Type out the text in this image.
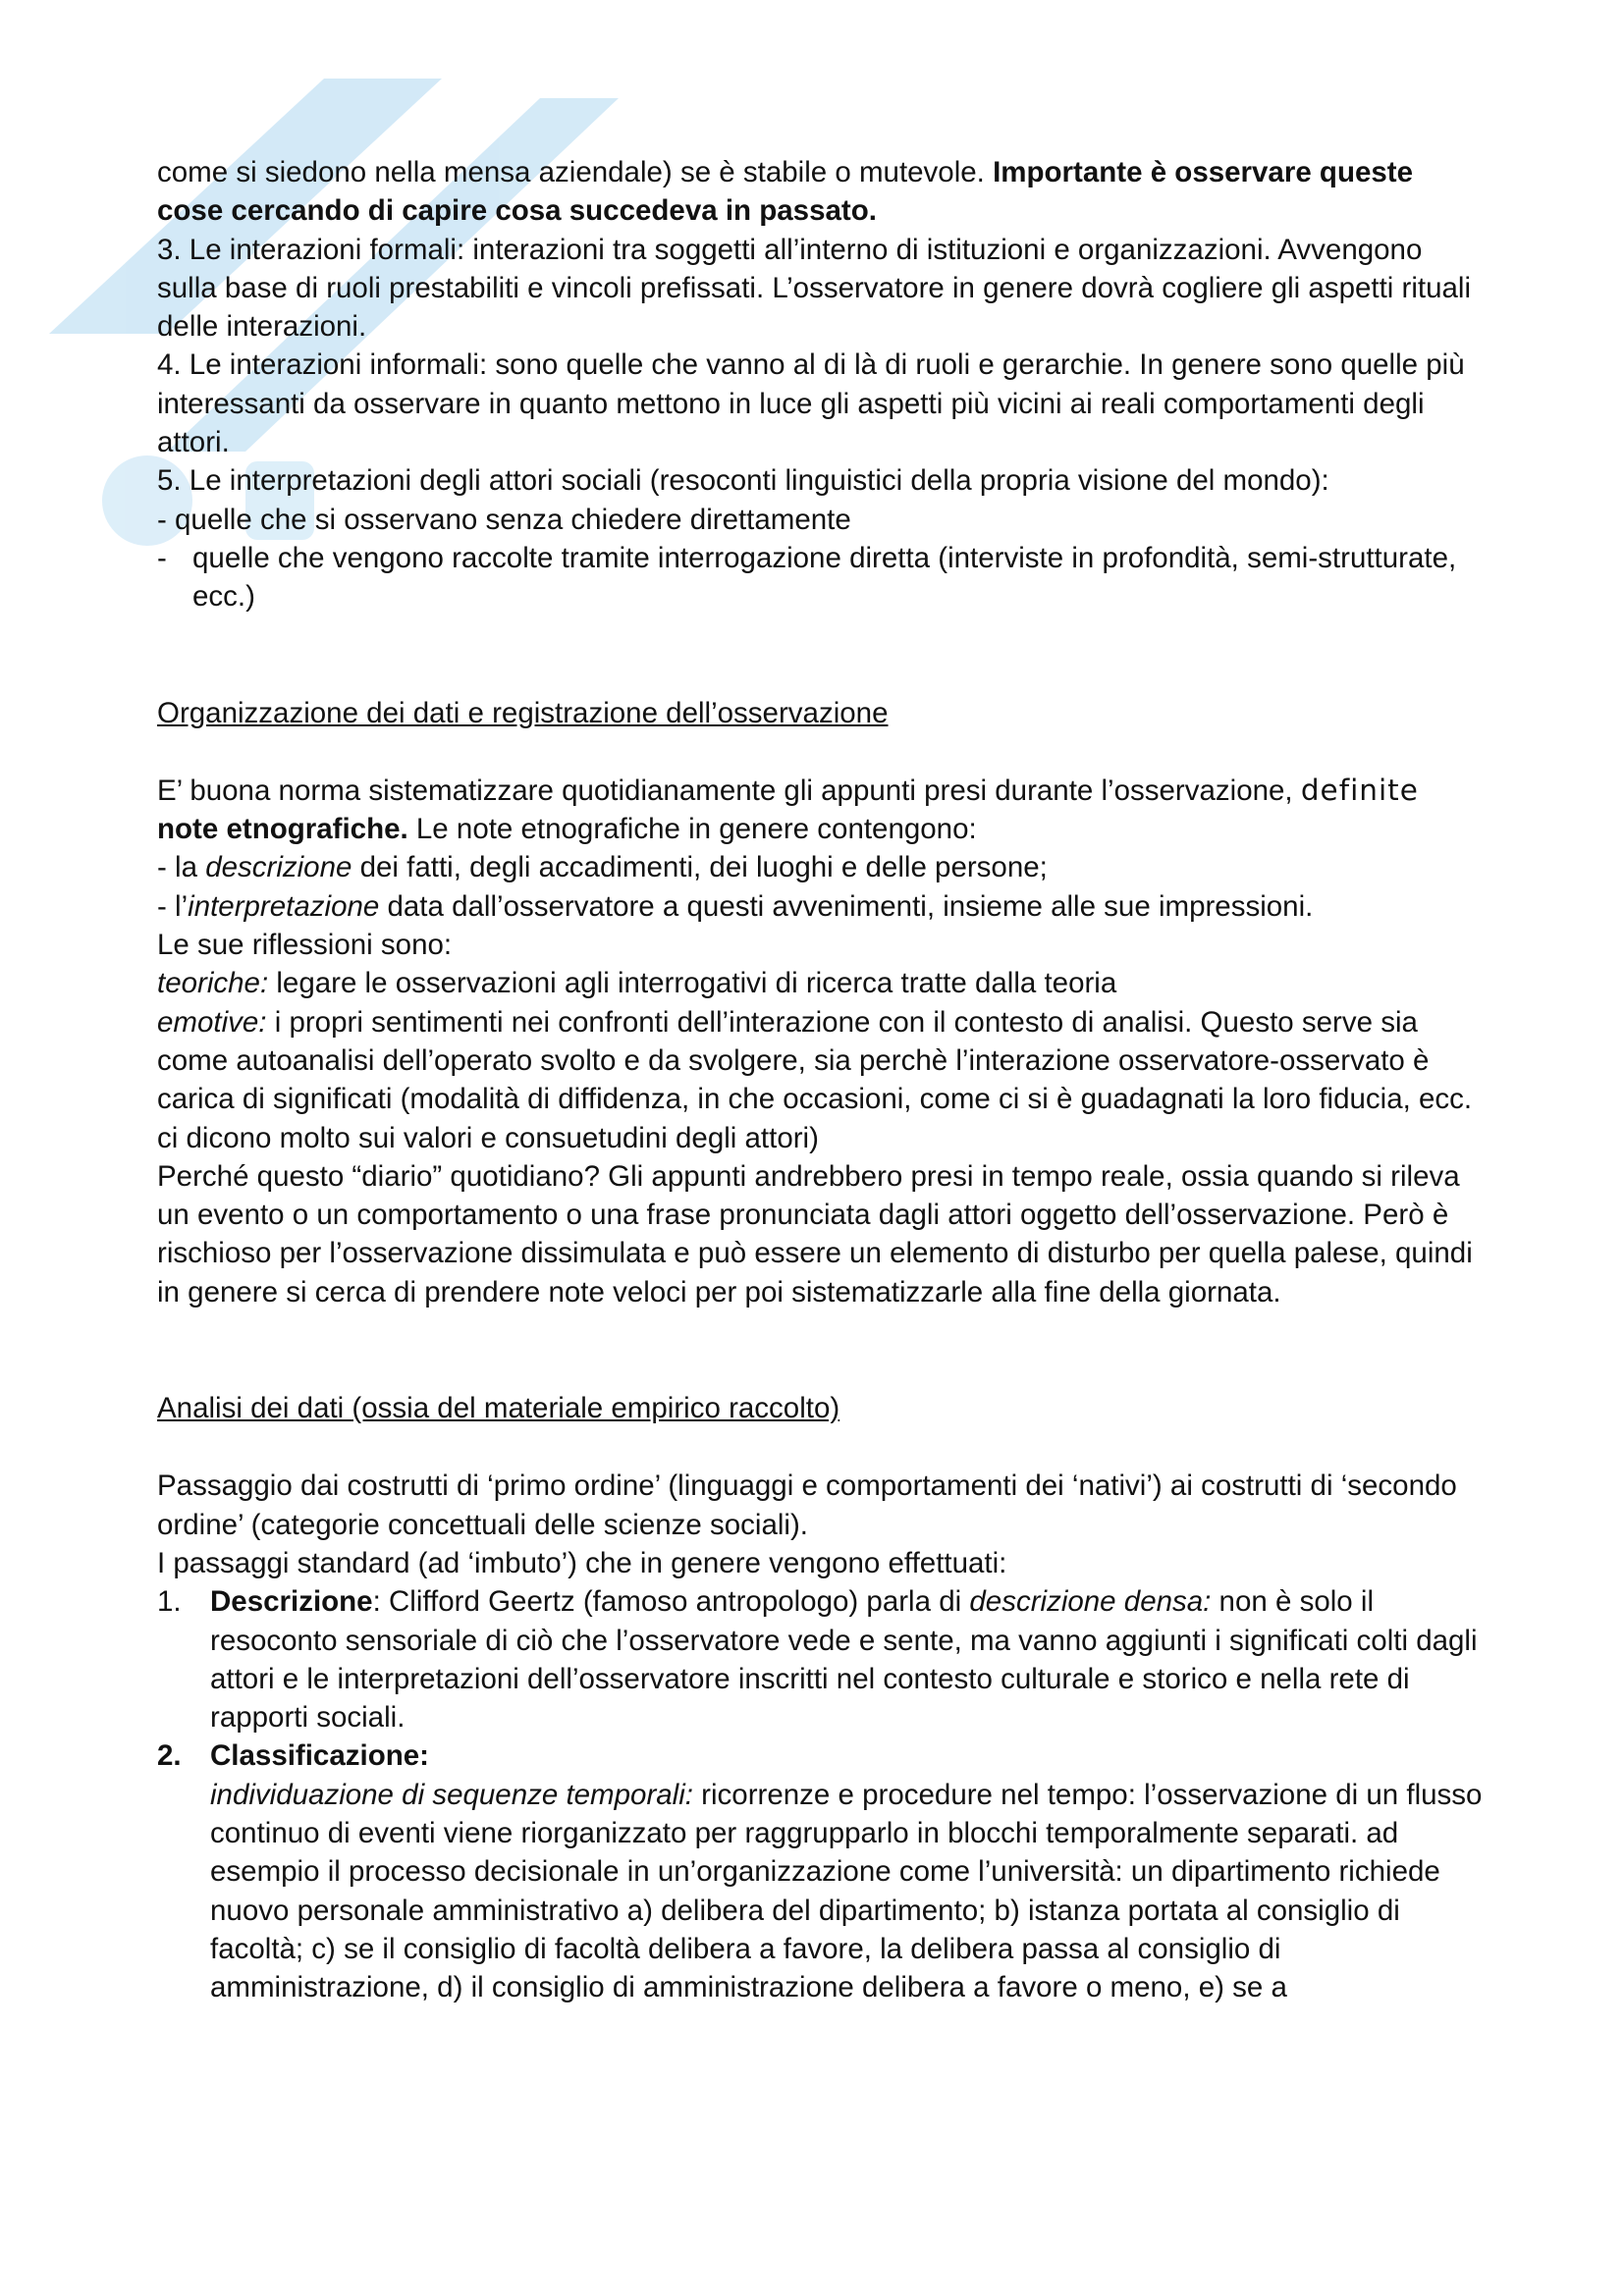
come si siedono nella mensa aziendale) se è stabile o mutevole. Importante è osservare queste cose cercando di capire cosa succedeva in passato.

3. Le interazioni formali: interazioni tra soggetti all’interno di istituzioni e organizzazioni. Avvengono sulla base di ruoli prestabiliti e vincoli prefissati. L’osservatore in genere dovrà cogliere gli aspetti rituali delle interazioni.

4. Le interazioni informali: sono quelle che vanno al di là di ruoli e gerarchie. In genere sono quelle più interessanti da osservare in quanto mettono in luce gli aspetti più vicini ai reali comportamenti degli attori.

5. Le interpretazioni degli attori sociali (resoconti linguistici della propria visione del mondo):

- quelle che si osservano senza chiedere direttamente

- quelle che vengono raccolte tramite interrogazione diretta (interviste in profondità, semi-strutturate, ecc.)

Organizzazione dei dati e registrazione dell’osservazione

E’ buona norma sistematizzare quotidianamente gli appunti presi durante l’osservazione, definite note etnografiche. Le note etnografiche in genere contengono:

- la descrizione dei fatti, degli accadimenti, dei luoghi e delle persone;

- l’interpretazione data dall’osservatore a questi avvenimenti, insieme alle sue impressioni.

Le sue riflessioni sono:

teoriche: legare le osservazioni agli interrogativi di ricerca tratte dalla teoria

emotive: i propri sentimenti nei confronti dell’interazione con il contesto di analisi. Questo serve sia come autoanalisi dell’operato svolto e da svolgere, sia perchè l’interazione osservatore-osservato è carica di significati (modalità di diffidenza, in che occasioni, come ci si è guadagnati la loro fiducia, ecc. ci dicono molto sui valori e consuetudini degli attori)

Perché questo “diario” quotidiano? Gli appunti andrebbero presi in tempo reale, ossia quando si rileva un evento o un comportamento o una frase pronunciata dagli attori oggetto dell’osservazione. Però è rischioso per l’osservazione dissimulata e può essere un elemento di disturbo per quella palese, quindi in genere si cerca di prendere note veloci per poi sistematizzarle alla fine della giornata.

Analisi dei dati (ossia del materiale empirico raccolto)

Passaggio dai costrutti di ‘primo ordine’ (linguaggi e comportamenti dei ‘nativi’) ai costrutti di ‘secondo ordine’ (categorie concettuali delle scienze sociali).

I passaggi standard (ad ‘imbuto’) che in genere vengono effettuati:

1. Descrizione: Clifford Geertz (famoso antropologo) parla di descrizione densa: non è solo il resoconto sensoriale di ciò che l’osservatore vede e sente, ma vanno aggiunti i significati colti dagli attori e le interpretazioni dell’osservatore inscritti nel contesto culturale e storico e nella rete di rapporti sociali.
2. Classificazione:
individuazione di sequenze temporali: ricorrenze e procedure nel tempo: l’osservazione di un flusso continuo di eventi viene riorganizzato per raggrupparlo in blocchi temporalmente separati. ad esempio il processo decisionale in un’organizzazione come l’università: un dipartimento richiede nuovo personale amministrativo a) delibera del dipartimento; b) istanza portata al consiglio di facoltà; c) se il consiglio di facoltà delibera a favore, la delibera passa al consiglio di amministrazione, d) il consiglio di amministrazione delibera a favore o meno, e) se a
